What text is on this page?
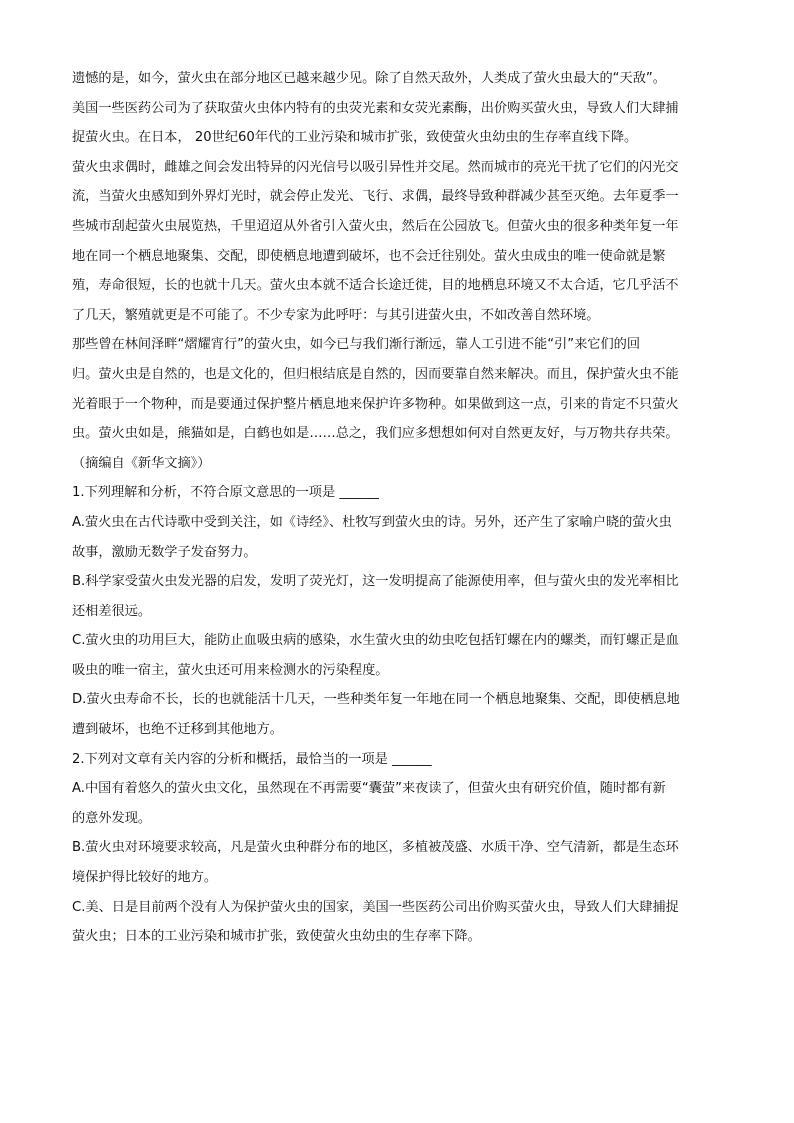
遗憾的是，如今，萤火虫在部分地区已越来越少见。除了自然天敌外，人类成了萤火虫最大的“天敌”。
美国一些医药公司为了获取萤火虫体内特有的虫荧光素和女荧光素酶，出价购买萤火虫，导致人们大肆捕
捉萤火虫。在日本， 20世纪60年代的工业污染和城市扩张，致使萤火虫幼虫的生存率直线下降。
萤火虫求偶时，雌雄之间会发出特异的闪光信号以吸引异性并交尾。然而城市的亮光干扰了它们的闪光交
流，当萤火虫感知到外界灯光时，就会停止发光、飞行、求偶，最终导致种群减少甚至灭绝。去年夏季一
些城市刮起萤火虫展览热，千里迢迢从外省引入萤火虫，然后在公园放飞。但萤火虫的很多种类年复一年
地在同一个栖息地聚集、交配，即使栖息地遭到破坏，也不会迁往别处。萤火虫成虫的唯一使命就是繁
殖，寿命很短，长的也就十几天。萤火虫本就不适合长途迁徙，目的地栖息环境又不太合适，它几乎活不
了几天，繁殖就更是不可能了。不少专家为此呼吁：与其引进萤火虫，不如改善自然环境。
那些曾在林间泽畔“熠耀宵行”的萤火虫，如今已与我们渐行渐远，靠人工引进不能“引”来它们的回
归。萤火虫是自然的，也是文化的，但归根结底是自然的，因而要靠自然来解决。而且，保护萤火虫不能
光着眼于一个物种，而是要通过保护整片栖息地来保护许多物种。如果做到这一点，引来的肯定不只萤火
虫。萤火虫如是，熊猫如是，白鹤也如是……总之，我们应多想想如何对自然更友好，与万物共存共荣。
（摘编自《新华文摘》）
1.下列理解和分析，不符合原文意思的一项是 ______
A.萤火虫在古代诗歌中受到关注，如《诗经》、杜牧写到萤火虫的诗。另外，还产生了家喻户晓的萤火虫
故事，激励无数学子发奋努力。
B.科学家受萤火虫发光器的启发，发明了荧光灯，这一发明提高了能源使用率，但与萤火虫的发光率相比
还相差很远。
C.萤火虫的功用巨大，能防止血吸虫病的感染，水生萤火虫的幼虫吃包括钉螺在内的螺类，而钉螺正是血
吸虫的唯一宿主，萤火虫还可用来检测水的污染程度。
D.萤火虫寿命不长，长的也就能活十几天，一些种类年复一年地在同一个栖息地聚集、交配，即使栖息地
遭到破坏，也绝不迁移到其他地方。
2.下列对文章有关内容的分析和概括，最恰当的一项是 ______
A.中国有着悠久的萤火虫文化，虽然现在不再需要“囊萤”来夜读了，但萤火虫有研究价值，随时都有新
的意外发现。
B.萤火虫对环境要求较高，凡是萤火虫种群分布的地区，多植被茂盛、水质干净、空气清新，都是生态环
境保护得比较好的地方。
C.美、日是目前两个没有人为保护萤火虫的国家，美国一些医药公司出价购买萤火虫，导致人们大肆捕捉
萤火虫；日本的工业污染和城市扩张，致使萤火虫幼虫的生存率下降。
